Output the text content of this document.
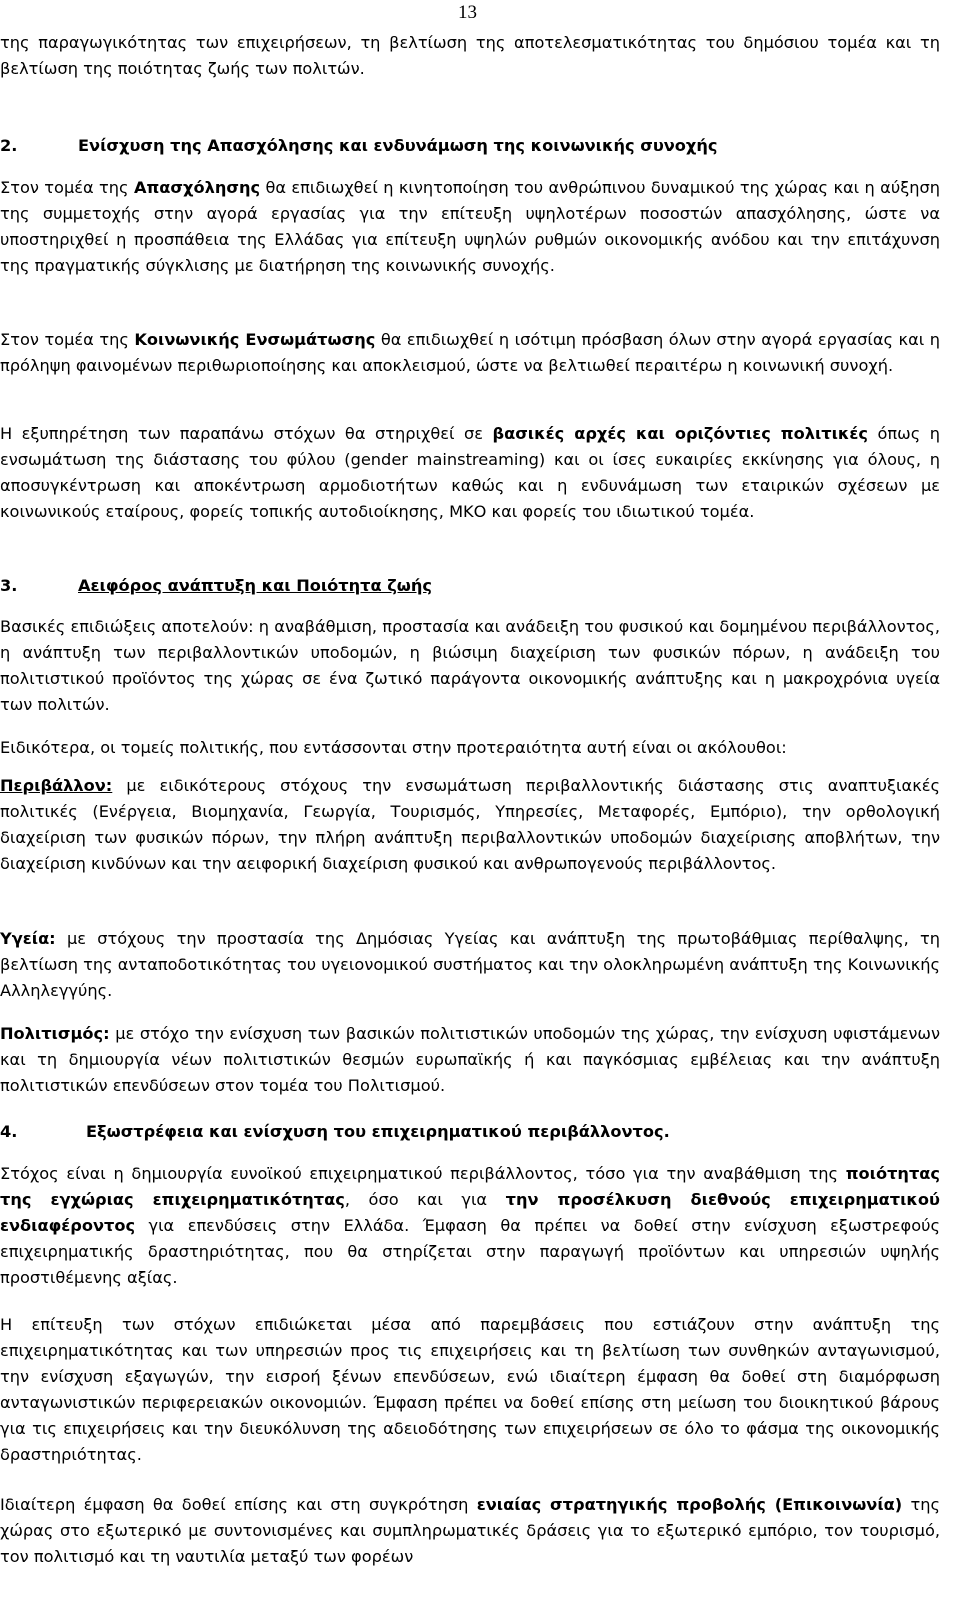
13

της παραγωγικότητας των επιχειρήσεων, τη βελτίωση της αποτελεσματικότητας του δημόσιου τομέα και τη βελτίωση της ποιότητας ζωής των πολιτών.

2.	Ενίσχυση της Απασχόλησης και ενδυνάμωση της κοινωνικής συνοχής

Στον τομέα της Απασχόλησης θα επιδιωχθεί η κινητοποίηση του ανθρώπινου δυναμικού της χώρας και η αύξηση της συμμετοχής στην αγορά εργασίας για την επίτευξη υψηλοτέρων ποσοστών απασχόλησης, ώστε να υποστηριχθεί η προσπάθεια της Ελλάδας για επίτευξη υψηλών ρυθμών οικονομικής ανόδου και την επιτάχυνση της πραγματικής σύγκλισης με διατήρηση της κοινωνικής συνοχής.

Στον τομέα της Κοινωνικής Ενσωμάτωσης θα επιδιωχθεί η ισότιμη πρόσβαση όλων στην αγορά εργασίας και η πρόληψη φαινομένων περιθωριοποίησης και αποκλεισμού, ώστε να βελτιωθεί περαιτέρω η κοινωνική συνοχή.

Η εξυπηρέτηση των παραπάνω στόχων θα στηριχθεί σε βασικές αρχές και οριζόντιες πολιτικές όπως η ενσωμάτωση της διάστασης του φύλου (gender mainstreaming) και οι ίσες ευκαιρίες εκκίνησης για όλους, η αποσυγκέντρωση και αποκέντρωση αρμοδιοτήτων καθώς και η ενδυνάμωση των εταιρικών σχέσεων με κοινωνικούς εταίρους, φορείς τοπικής αυτοδιοίκησης, ΜΚΟ και φορείς του ιδιωτικού τομέα.

3.	Αειφόρος ανάπτυξη και Ποιότητα ζωής

Βασικές επιδιώξεις αποτελούν: η αναβάθμιση, προστασία και ανάδειξη του φυσικού και δομημένου περιβάλλοντος, η ανάπτυξη των περιβαλλοντικών υποδομών, η βιώσιμη διαχείριση των φυσικών πόρων, η ανάδειξη του πολιτιστικού προϊόντος της χώρας σε ένα ζωτικό παράγοντα οικονομικής ανάπτυξης και η μακροχρόνια υγεία των πολιτών.

Ειδικότερα, οι τομείς πολιτικής, που εντάσσονται στην προτεραιότητα αυτή είναι οι ακόλουθοι:

Περιβάλλον: με ειδικότερους στόχους την ενσωμάτωση περιβαλλοντικής διάστασης στις αναπτυξιακές πολιτικές (Ενέργεια, Βιομηχανία, Γεωργία, Τουρισμός, Υπηρεσίες, Μεταφορές, Εμπόριο), την ορθολογική διαχείριση των φυσικών πόρων, την πλήρη ανάπτυξη περιβαλλοντικών υποδομών διαχείρισης αποβλήτων, την διαχείριση κινδύνων και την αειφορική διαχείριση φυσικού και ανθρωπογενούς περιβάλλοντος.

Υγεία: με στόχους την προστασία της Δημόσιας Υγείας και ανάπτυξη της πρωτοβάθμιας περίθαλψης, τη βελτίωση της ανταποδοτικότητας του υγειονομικού συστήματος και την ολοκληρωμένη ανάπτυξη της Κοινωνικής Αλληλεγγύης.

Πολιτισμός: με στόχο την ενίσχυση των βασικών πολιτιστικών υποδομών της χώρας, την ενίσχυση υφιστάμενων και τη δημιουργία νέων πολιτιστικών θεσμών ευρωπαϊκής ή και παγκόσμιας εμβέλειας και την ανάπτυξη πολιτιστικών επενδύσεων στον τομέα του Πολιτισμού.

4.	Εξωστρέφεια και ενίσχυση του επιχειρηματικού περιβάλλοντος.

Στόχος είναι η δημιουργία ευνοϊκού επιχειρηματικού περιβάλλοντος, τόσο για την αναβάθμιση της ποιότητας της εγχώριας επιχειρηματικότητας, όσο και για την προσέλκυση διεθνούς επιχειρηματικού ενδιαφέροντος για επενδύσεις στην Ελλάδα. Έμφαση θα πρέπει να δοθεί στην ενίσχυση εξωστρεφούς επιχειρηματικής δραστηριότητας, που θα στηρίζεται στην παραγωγή προϊόντων και υπηρεσιών υψηλής προστιθέμενης αξίας.

Η επίτευξη των στόχων επιδιώκεται μέσα από παρεμβάσεις που εστιάζουν στην ανάπτυξη της επιχειρηματικότητας και των υπηρεσιών προς τις επιχειρήσεις και τη βελτίωση των συνθηκών ανταγωνισμού, την ενίσχυση εξαγωγών, την εισροή ξένων επενδύσεων, ενώ ιδιαίτερη έμφαση θα δοθεί στη διαμόρφωση ανταγωνιστικών περιφερειακών οικονομιών. Έμφαση πρέπει να δοθεί επίσης στη μείωση του διοικητικού βάρους για τις επιχειρήσεις και την διευκόλυνση της αδειοδότησης των επιχειρήσεων σε όλο το φάσμα της οικονομικής δραστηριότητας.

Ιδιαίτερη έμφαση θα δοθεί επίσης και στη συγκρότηση ενιαίας στρατηγικής προβολής (Επικοινωνία) της χώρας στο εξωτερικό με συντονισμένες και συμπληρωματικές δράσεις για το εξωτερικό εμπόριο, τον τουρισμό, τον πολιτισμό και τη ναυτιλία μεταξύ των φορέων
